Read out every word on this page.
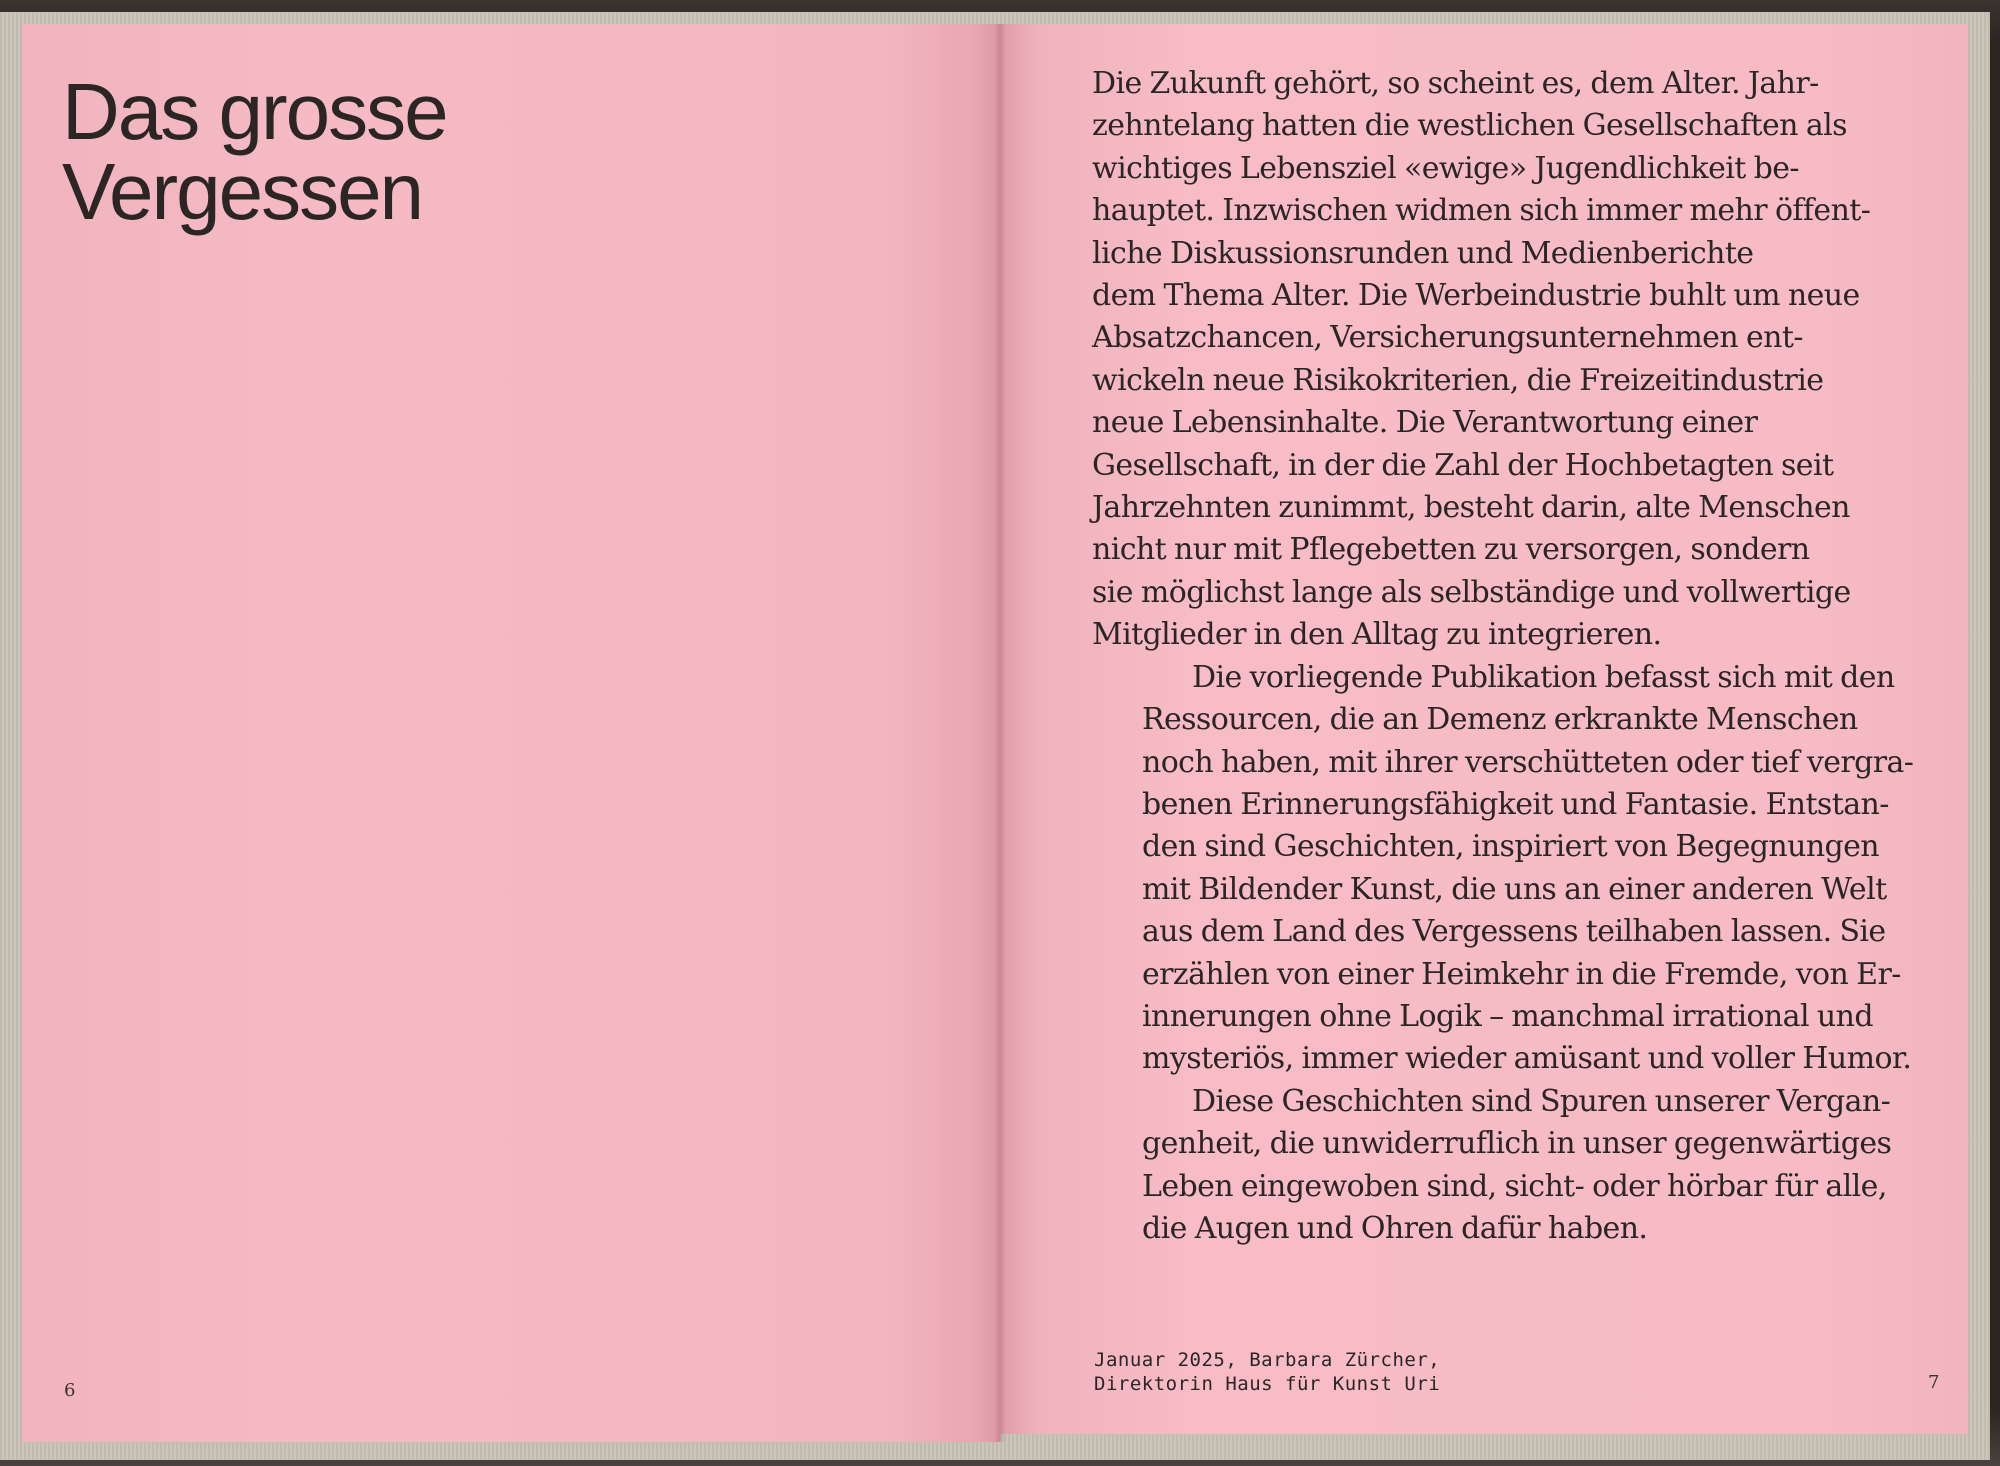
Das grosse
Vergessen
6

Die Zukunft gehört, so scheint es, dem Alter. Jahr-
zehntelang hatten die westlichen Gesellschaften als
wichtiges Lebensziel «ewige» Jugendlichkeit be-
hauptet. Inzwischen widmen sich immer mehr öffent-
liche Diskussionsrunden und Medienberichte
dem Thema Alter. Die Werbeindustrie buhlt um neue
Absatzchancen, Versicherungsunternehmen ent-
wickeln neue Risikokriterien, die Freizeitindustrie
neue Lebensinhalte. Die Verantwortung einer
Gesellschaft, in der die Zahl der Hochbetagten seit
Jahrzehnten zunimmt, besteht darin, alte Menschen
nicht nur mit Pflegebetten zu versorgen, sondern
sie möglichst lange als selbständige und vollwertige
Mitglieder in den Alltag zu integrieren.

Die vorliegende Publikation befasst sich mit den
Ressourcen, die an Demenz erkrankte Menschen
noch haben, mit ihrer verschütteten oder tief vergra-
benen Erinnerungsfähigkeit und Fantasie. Entstan-
den sind Geschichten, inspiriert von Begegnungen
mit Bildender Kunst, die uns an einer anderen Welt
aus dem Land des Vergessens teilhaben lassen. Sie
erzählen von einer Heimkehr in die Fremde, von Er-
innerungen ohne Logik – manchmal irrational und
mysteriös, immer wieder amüsant und voller Humor.

Diese Geschichten sind Spuren unserer Vergan-
genheit, die unwiderruflich in unser gegenwärtiges
Leben eingewoben sind, sicht- oder hörbar für alle,
die Augen und Ohren dafür haben.

Januar 2025, Barbara Zürcher,
Direktorin Haus für Kunst Uri	7
